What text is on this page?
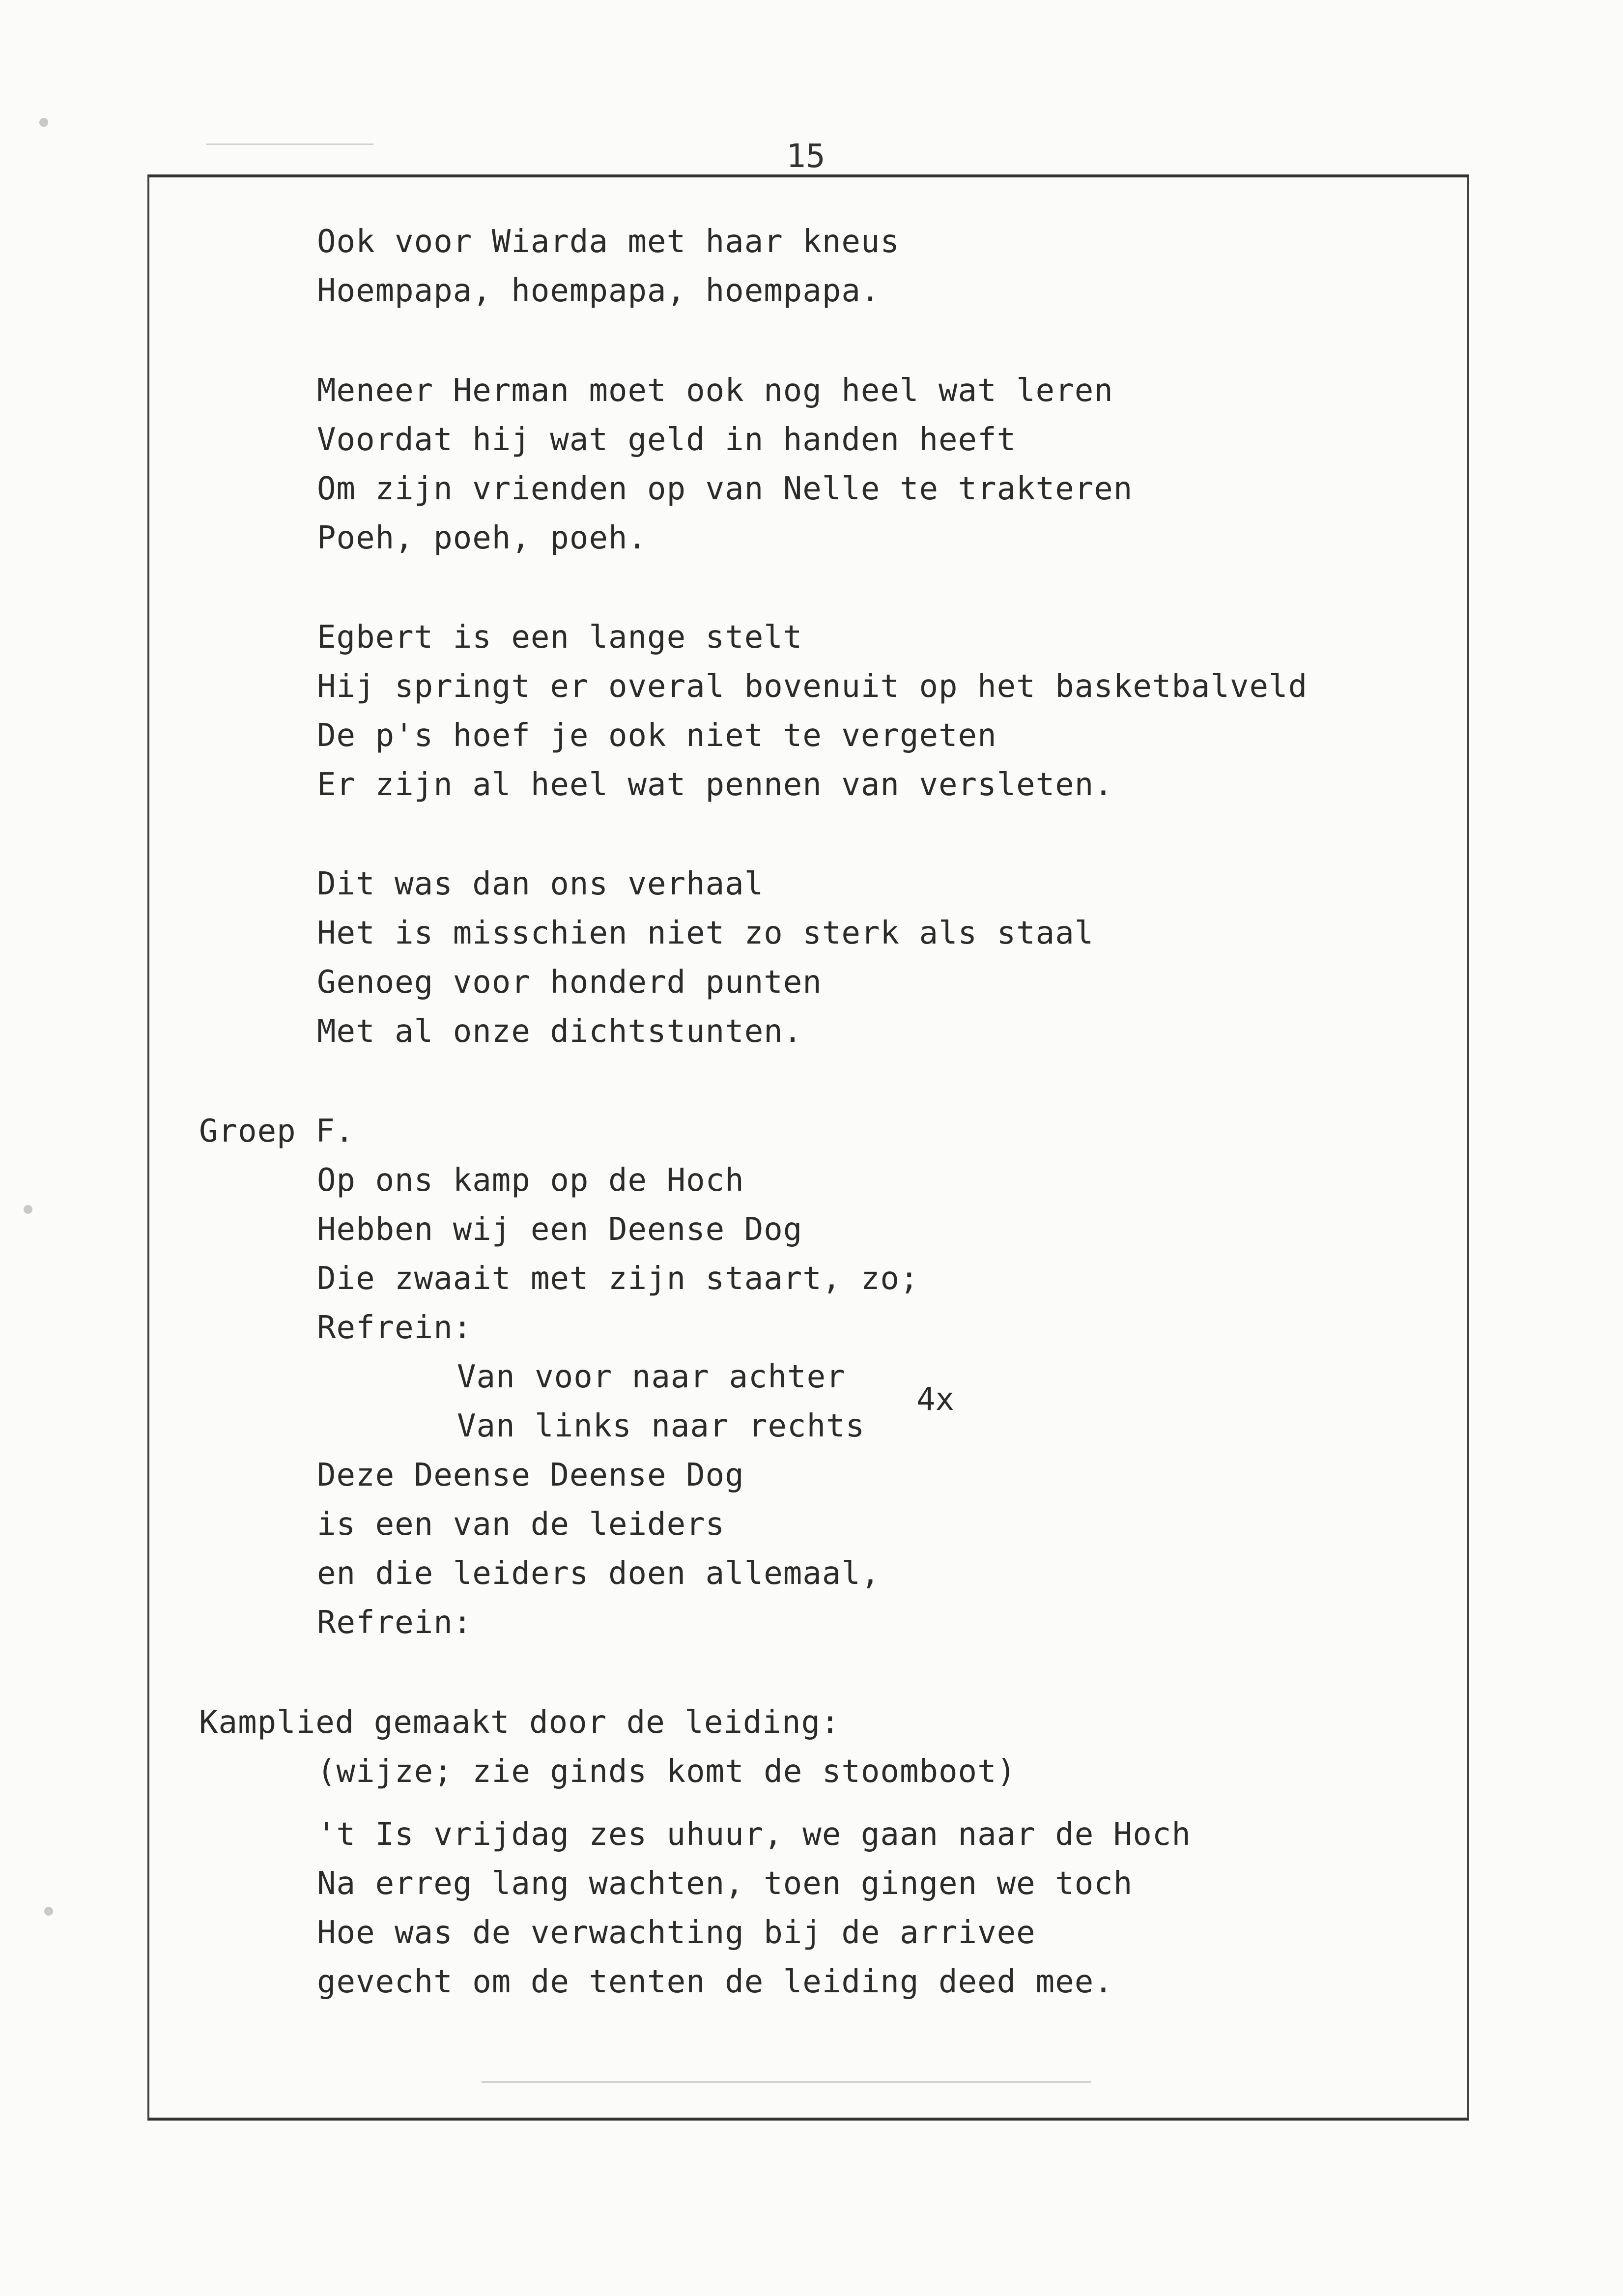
15
Ook voor Wiarda met haar kneus
Hoempapa, hoempapa, hoempapa.
Meneer Herman moet ook nog heel wat leren
Voordat hij wat geld in handen heeft
Om zijn vrienden op van Nelle te trakteren
Poeh, poeh, poeh.
Egbert is een lange stelt
Hij springt er overal bovenuit op het basketbalveld
De p's hoef je ook niet te vergeten
Er zijn al heel wat pennen van versleten.
Dit was dan ons verhaal
Het is misschien niet zo sterk als staal
Genoeg voor honderd punten
Met al onze dichtstunten.
Groep F.
Op ons kamp op de Hoch
Hebben wij een Deense Dog
Die zwaait met zijn staart, zo;
Refrein:
Van voor naar achter
Van links naar rechts
4x
Deze Deense Deense Dog
is een van de leiders
en die leiders doen allemaal,
Refrein:
Kamplied gemaakt door de leiding:
(wijze; zie ginds komt de stoomboot)
't Is vrijdag zes uhuur, we gaan naar de Hoch
Na erreg lang wachten, toen gingen we toch
Hoe was de verwachting bij de arrivee
gevecht om de tenten de leiding deed mee.
